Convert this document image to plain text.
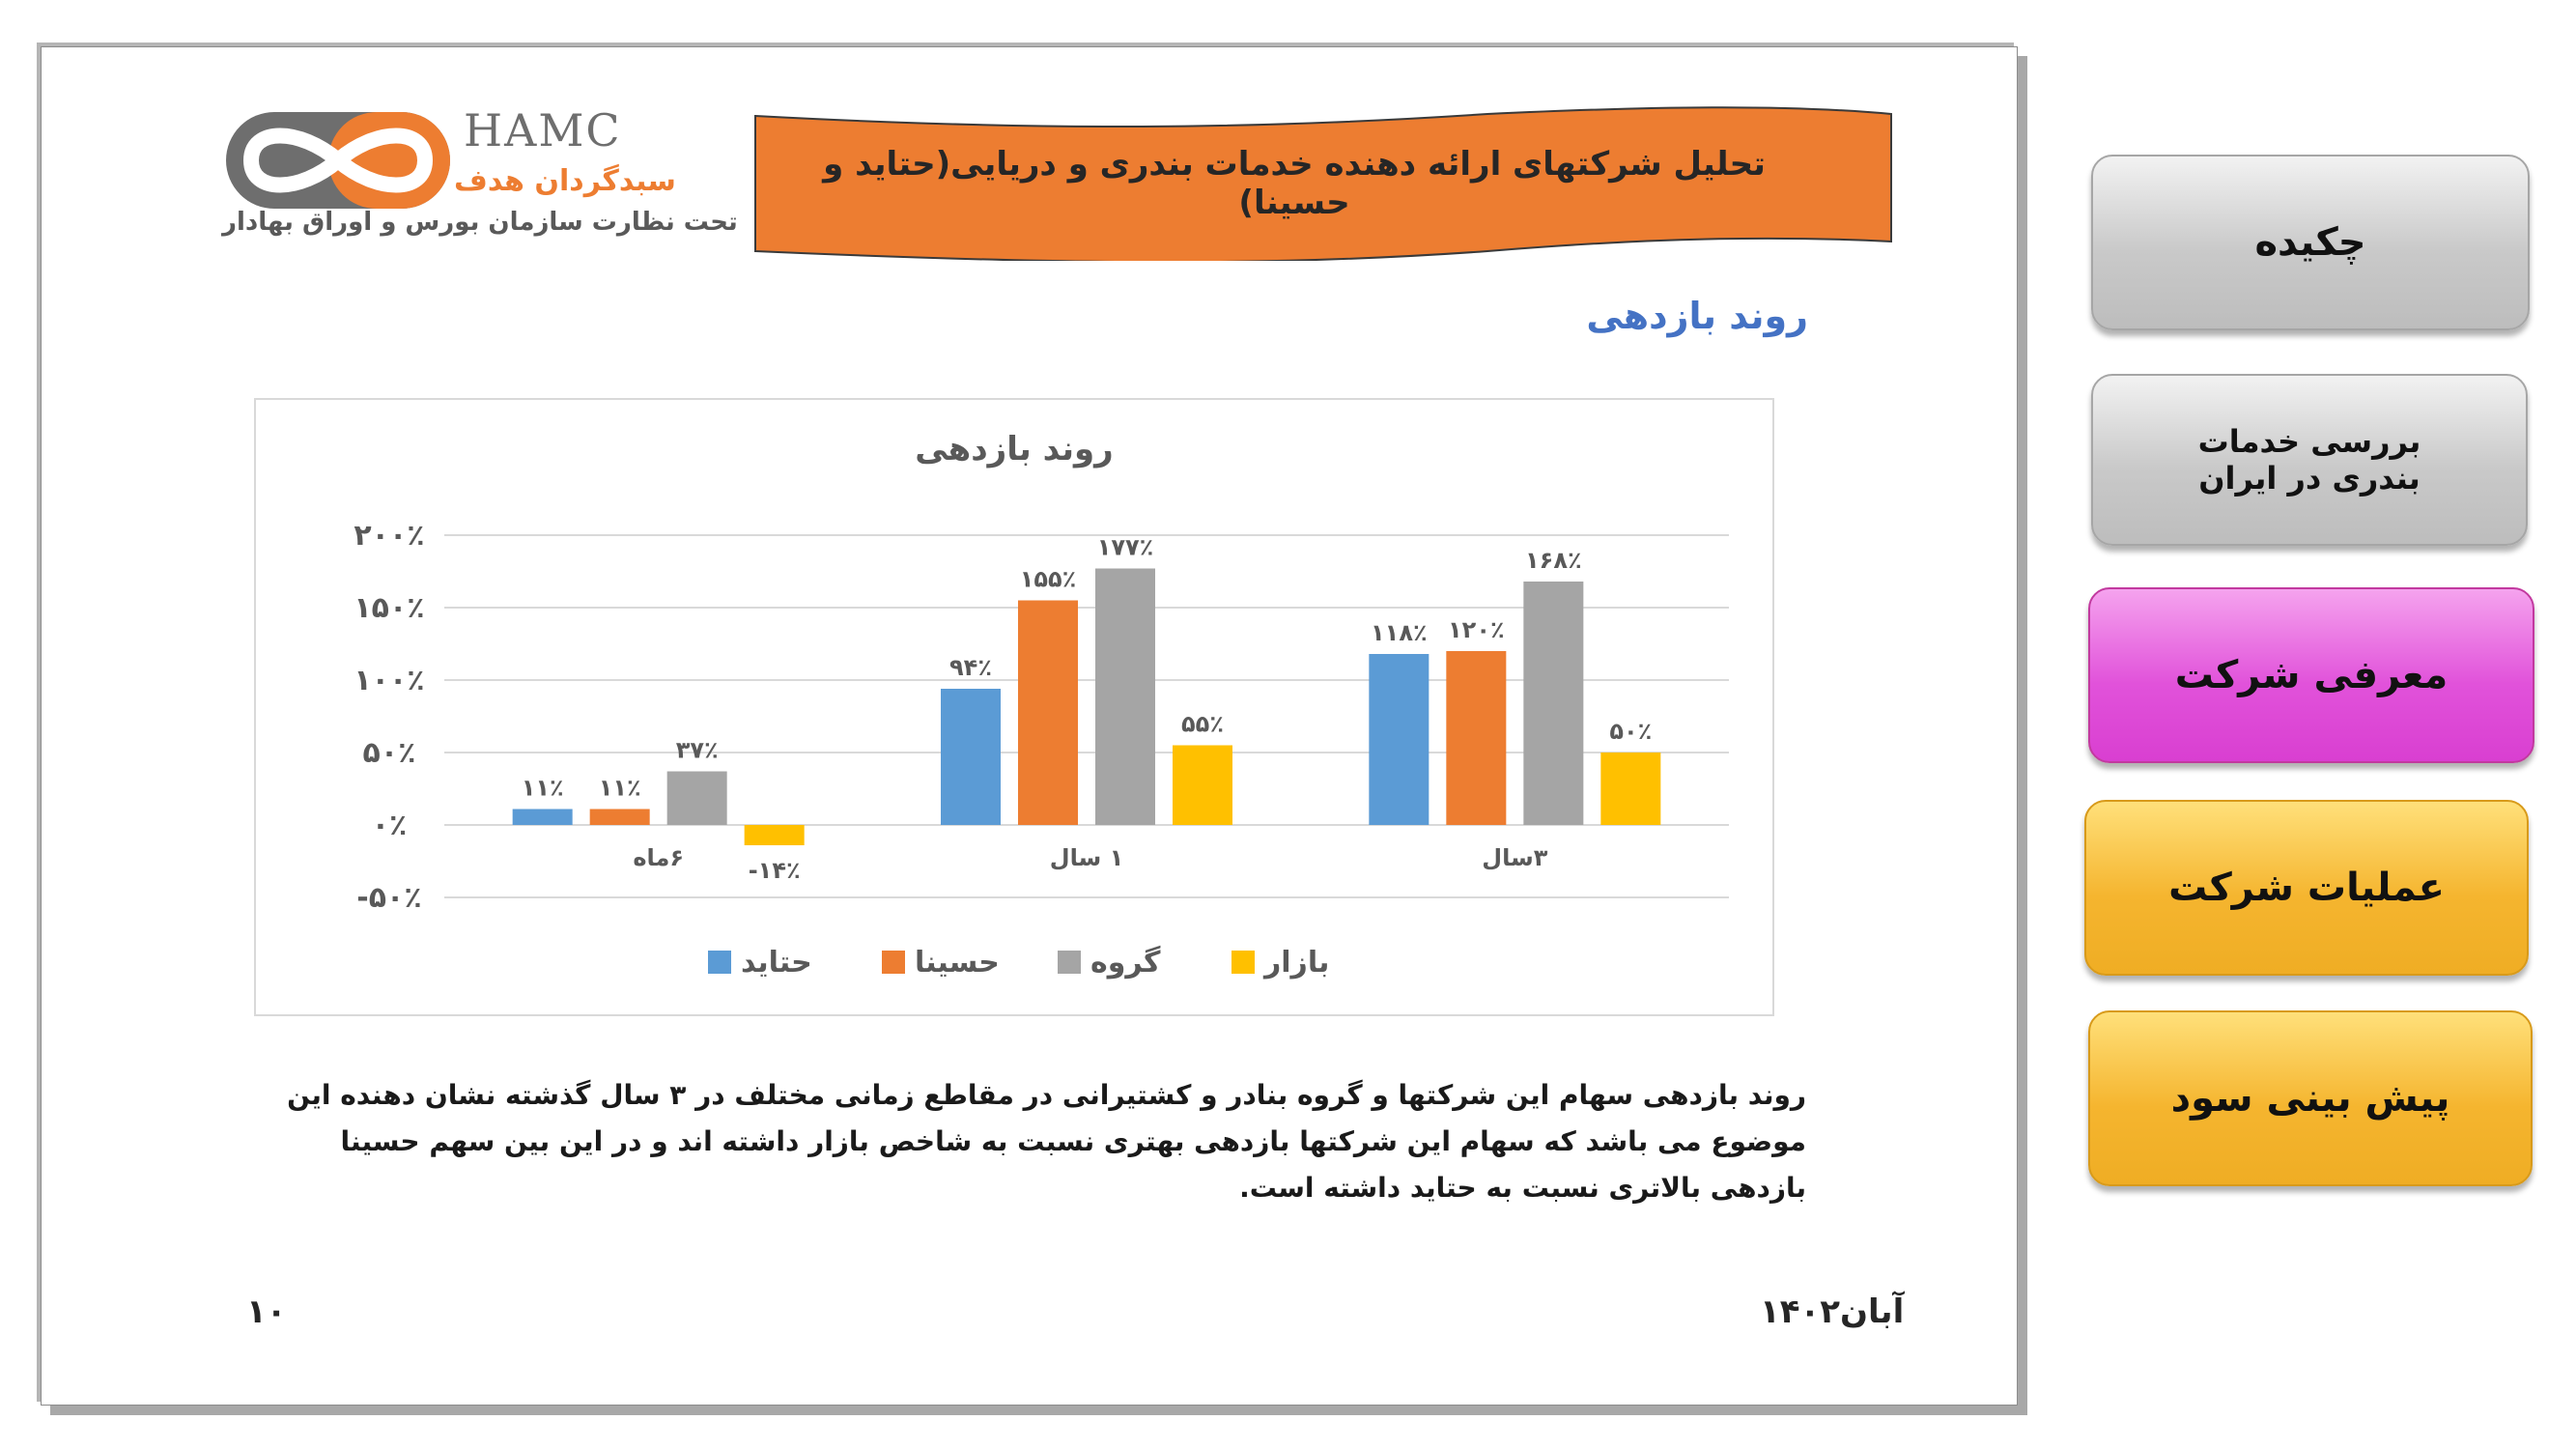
HAMC
سبدگردان هدف
تحت نظارت سازمان بورس و اوراق بهادار
تحلیل شرکتهای ارائه دهنده خدمات بندری و دریایی(حتاید و حسینا)
روند بازدهی
روند بازدهی
۲۰۰٪
۱۵۰٪
۱۰۰٪
۵۰٪
۰٪
-۵۰٪
۱۱٪ ۱۱٪
۳۷٪
-۱۴٪
۶ماه
۹۴٪
۱۵۵٪
۱۷۷٪
۵۵٪
۱ سال
۱۱۸٪ ۱۲۰٪
۱۶۸٪
۵۰٪
۳سال
حتاید	حسینا	گروه	بازار
روند بازدهی سهام این شرکتها و گروه بنادر و کشتیرانی در مقاطع زمانی مختلف در ۳ سال گذشته نشان دهنده این موضوع می باشد که سهام این شرکتها بازدهی بهتری نسبت به شاخص بازار داشته اند و در این بین سهم حسینا بازدهی بالاتری نسبت به حتاید داشته است.
۱۰	آبان۱۴۰۲
چکیده
بررسی خدمات بندری در ایران
معرفی شرکت
عملیات شرکت
پیش بینی سود
